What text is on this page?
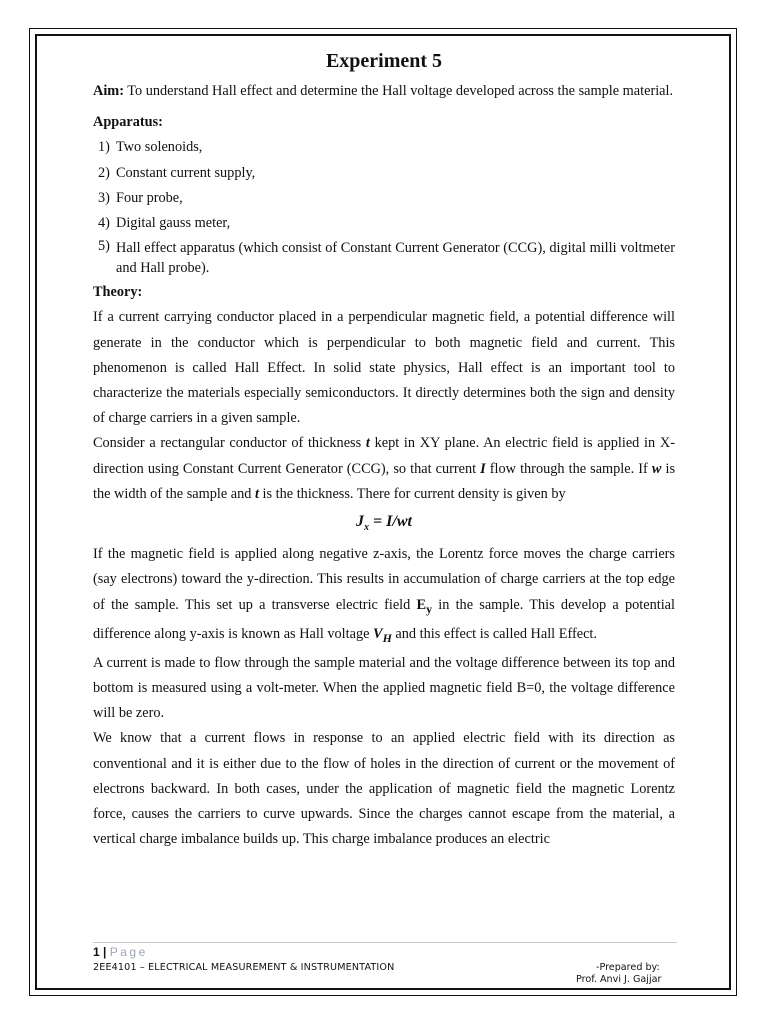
Experiment 5

Aim: To understand Hall effect and determine the Hall voltage developed across the sample material.

Apparatus:
1) Two solenoids,
2) Constant current supply,
3) Four probe,
4) Digital gauss meter,
5) Hall effect apparatus (which consist of Constant Current Generator (CCG), digital milli voltmeter and Hall probe).
Theory:

If a current carrying conductor placed in a perpendicular magnetic field, a potential difference will generate in the conductor which is perpendicular to both magnetic field and current. This phenomenon is called Hall Effect. In solid state physics, Hall effect is an important tool to characterize the materials especially semiconductors. It directly determines both the sign and density of charge carriers in a given sample.

Consider a rectangular conductor of thickness t kept in XY plane. An electric field is applied in X-direction using Constant Current Generator (CCG), so that current I flow through the sample. If w is the width of the sample and t is the thickness. There for current density is given by

$J_x = I/wt$

If the magnetic field is applied along negative z-axis, the Lorentz force moves the charge carriers (say electrons) toward the y-direction. This results in accumulation of charge carriers at the top edge of the sample. This set up a transverse electric field $E_y$ in the sample. This develop a potential difference along y-axis is known as Hall voltage $V_H$ and this effect is called Hall Effect.

A current is made to flow through the sample material and the voltage difference between its top and bottom is measured using a volt-meter. When the applied magnetic field B=0, the voltage difference will be zero.

We know that a current flows in response to an applied electric field with its direction as conventional and it is either due to the flow of holes in the direction of current or the movement of electrons backward. In both cases, under the application of magnetic field the magnetic Lorentz force, causes the carriers to curve upwards. Since the charges cannot escape from the material, a vertical charge imbalance builds up. This charge imbalance produces an electric

1 | Page
2EE4101 – ELECTRICAL MEASUREMENT & INSTRUMENTATION	-Prepared by:
Prof. Anvi J. Gajjar
